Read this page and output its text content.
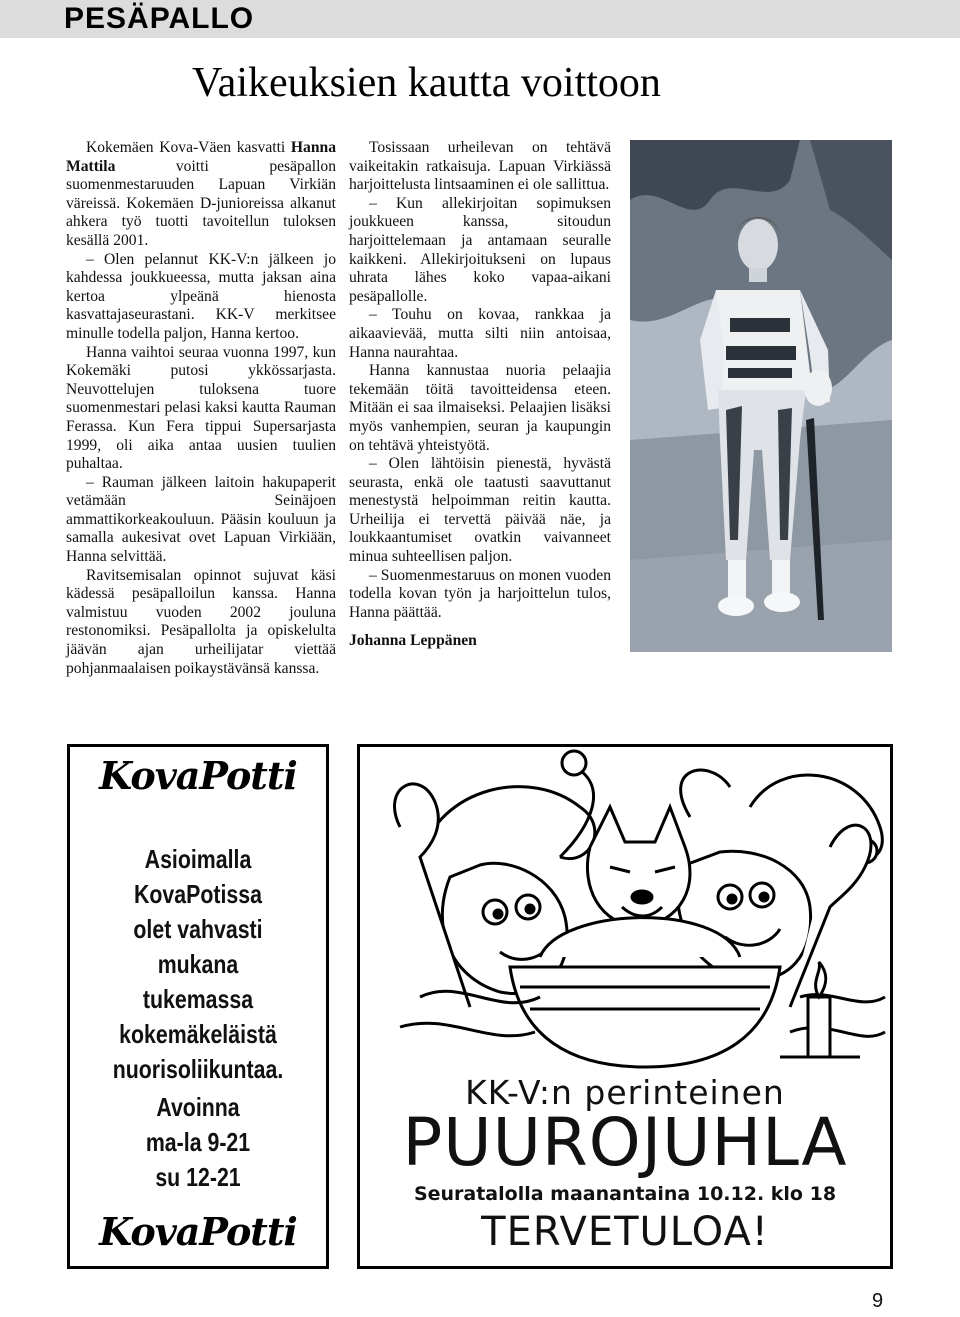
PESÄPALLO
Vaikeuksien kautta voittoon

Kokemäen Kova-Väen kasvatti Hanna Mattila voitti pesäpallon suomenmestaruuden Lapuan Virkiän väreissä. Kokemäen D-junioreissa alkanut ahkera työ tuotti tavoitellun tuloksen kesällä 2001.

– Olen pelannut KK-V:n jälkeen jo kahdessa joukkueessa, mutta jaksan aina kertoa ylpeänä hienosta kasvattajaseurastani. KK-V merkitsee minulle todella paljon, Hanna kertoo.

Hanna vaihtoi seuraa vuonna 1997, kun Kokemäki putosi ykkössarjasta. Neuvottelujen tuloksena tuore suomenmestari pelasi kaksi kautta Rauman Ferassa. Kun Fera tippui Supersarjasta 1999, oli aika antaa uusien tuulien puhaltaa.

– Rauman jälkeen laitoin hakupaperit vetämään Seinäjoen ammattikorkeakouluun. Pääsin kouluun ja samalla aukesivat ovet Lapuan Virkiään, Hanna selvittää.

Ravitsemisalan opinnot sujuvat käsi kädessä pesäpalloilun kanssa. Hanna valmistuu vuoden 2002 jouluna restonomiksi. Pesäpallolta ja opiskelulta jäävän ajan urheilijatar viettää pohjanmaalaisen poikaystävänsä kanssa.

Tosissaan urheilevan on tehtävä vaikeitakin ratkaisuja. Lapuan Virkiässä harjoittelusta lintsaaminen ei ole sallittua.

– Kun allekirjoitan sopimuksen joukkueen kanssa, sitoudun harjoittelemaan ja antamaan seuralle kaikkeni. Allekirjoitukseni on lupaus uhrata lähes koko vapaa-aikani pesäpallolle.

– Touhu on kovaa, rankkaa ja aikaavievää, mutta silti niin antoisaa, Hanna naurahtaa.

Hanna kannustaa nuoria pelaajia tekemään töitä tavoitteidensa eteen. Mitään ei saa ilmaiseksi. Pelaajien lisäksi myös vanhempien, seuran ja kaupungin on tehtävä yhteistyötä.

– Olen lähtöisin pienestä, hyvästä seurasta, enkä ole taatusti saavuttanut menestystä helpoimman reitin kautta. Urheilija ei tervettä päivää näe, ja loukkaantumiset ovatkin vaivanneet minua suhteellisen paljon.

– Suomenmestaruus on monen vuoden todella kovan työn ja harjoittelun tulos, Hanna päättää.

Johanna Leppänen

KovaPotti
Asioimalla
KovaPotissa
olet vahvasti mukana
tukemassa
kokemäkeläistä
nuorisoliikuntaa.
Avoinna
ma-la 9-21
su 12-21
KovaPotti
KK-V:n perinteinen
PUUROJUHLA
Seuratalolla maanantaina 10.12. klo 18
TERVETULOA!
9
